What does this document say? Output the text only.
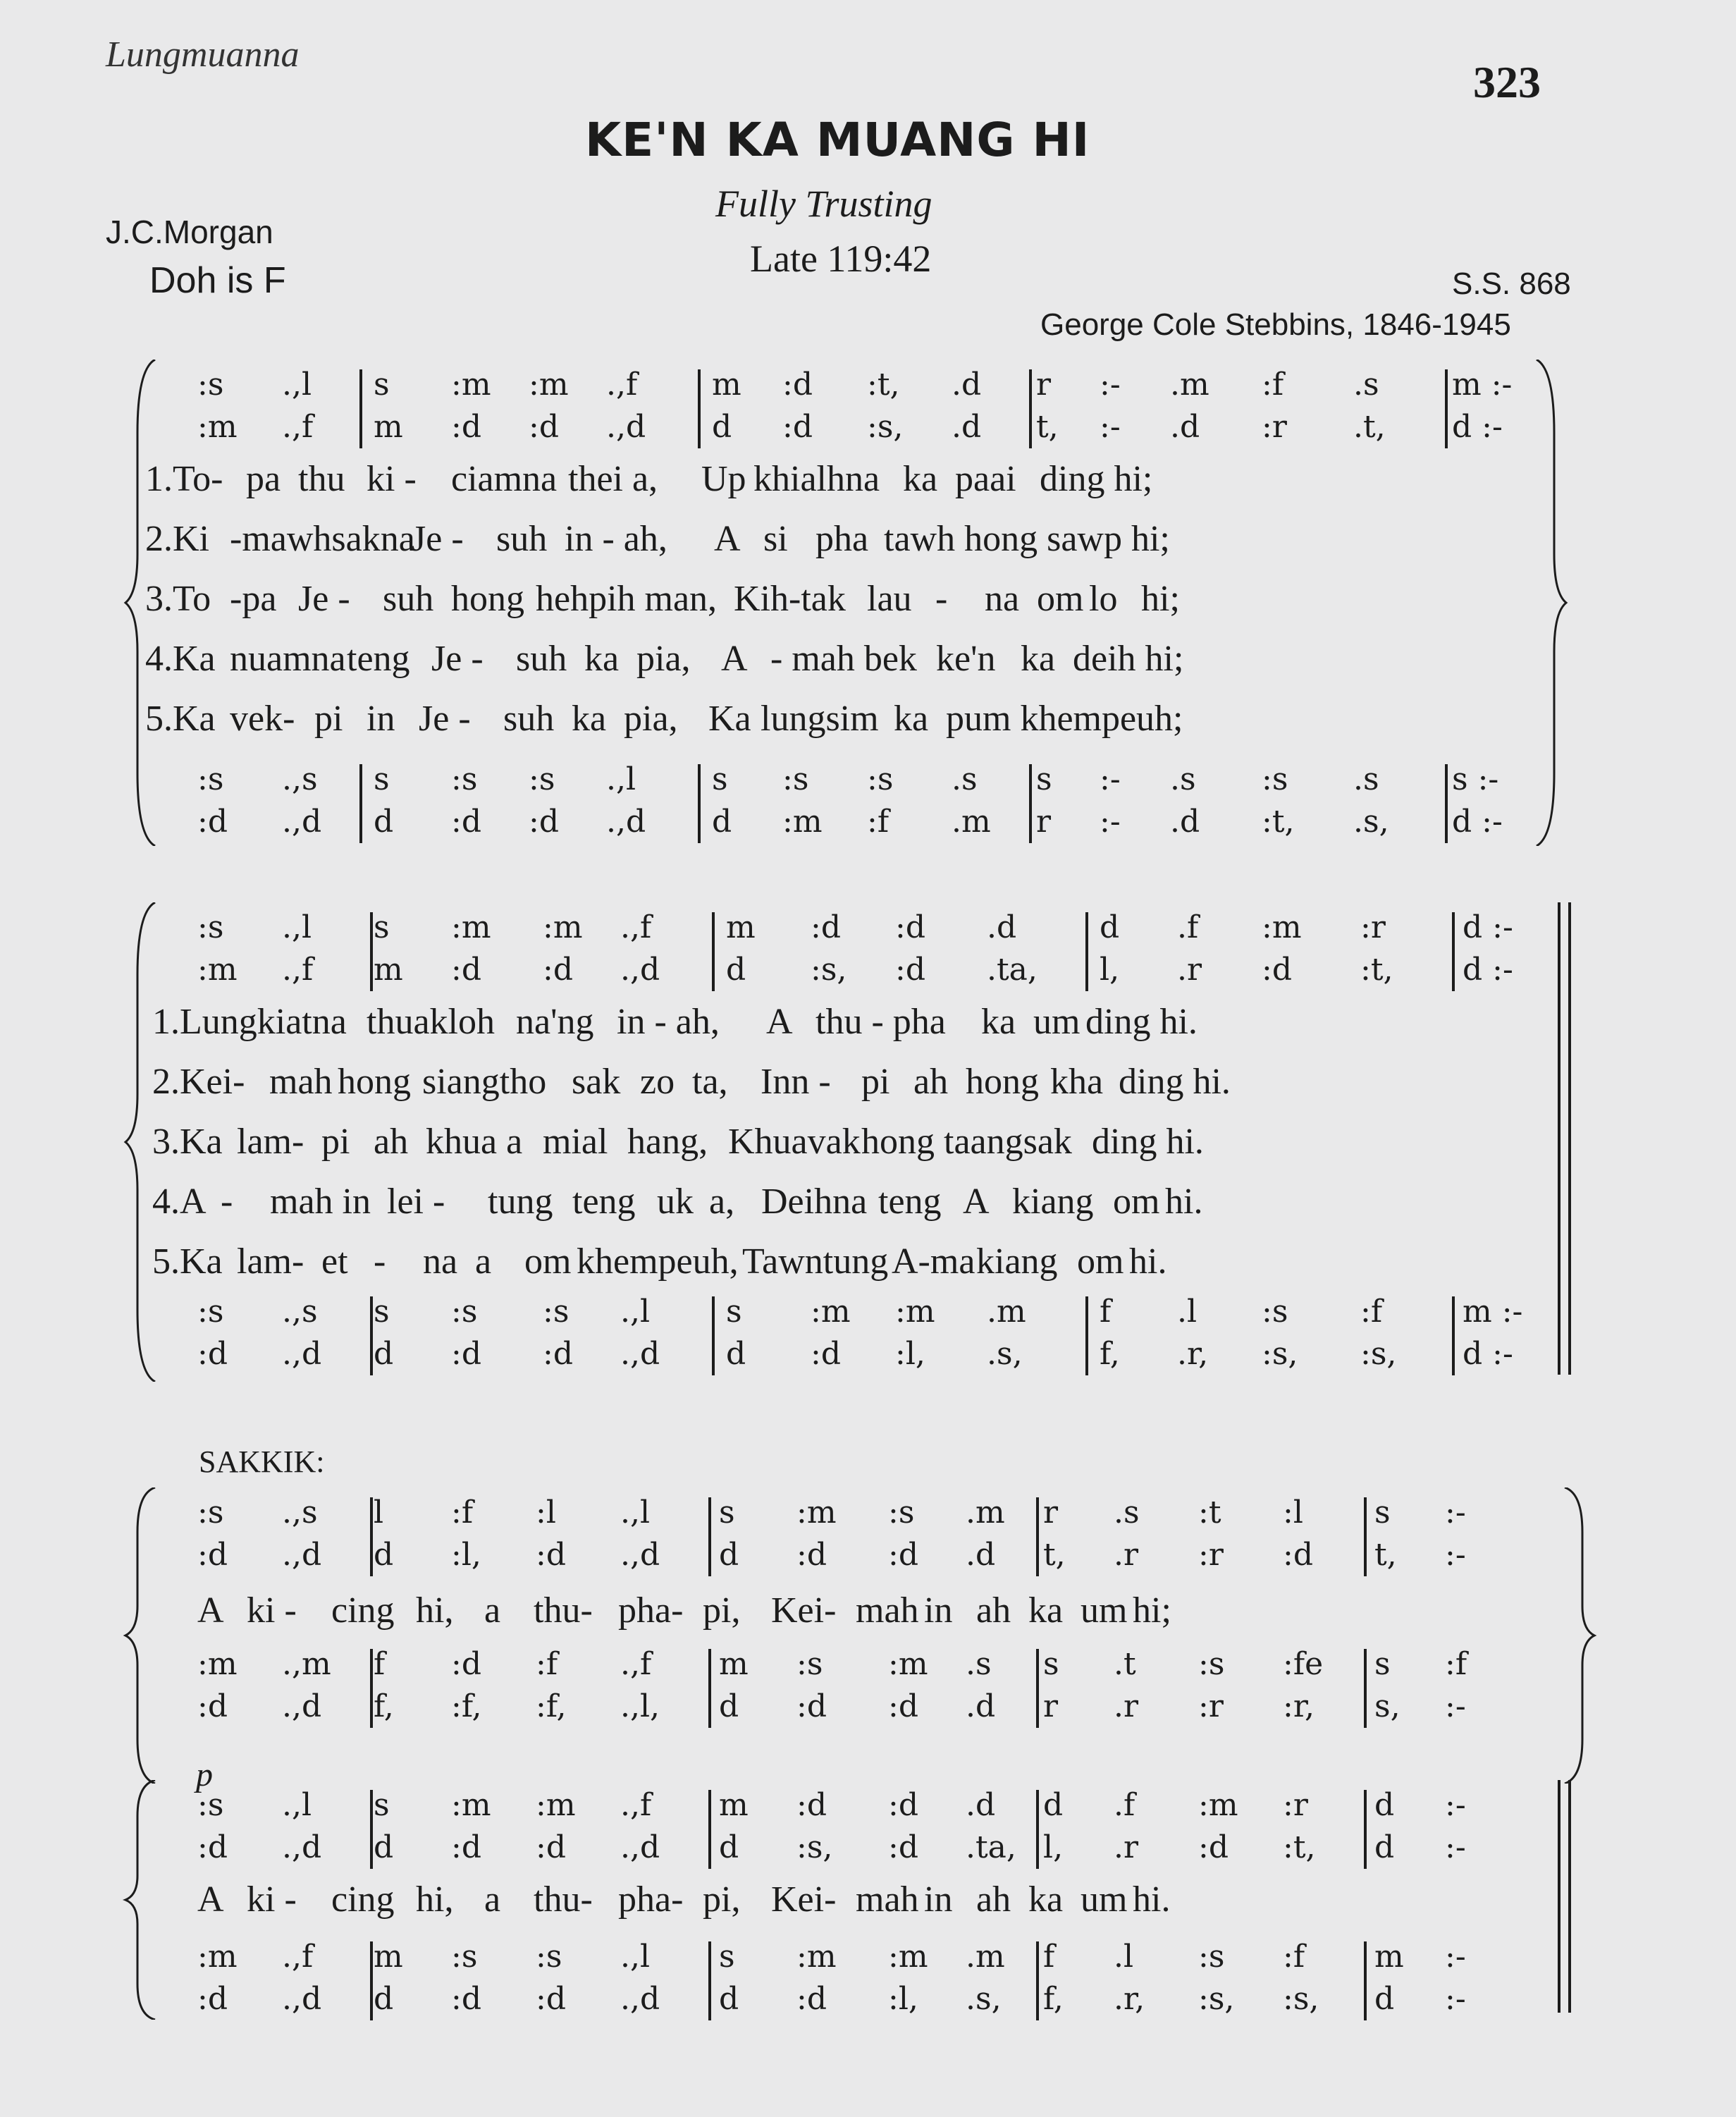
Lungmuanna
323
KE'N KA MUANG HI
Fully Trusting
Late 119:42
J.C.Morgan
Doh is F	S.S. 868
George Cole Stebbins, 1846-1945
SAKKIK:
p
:s .,l s :m :m .,f m :d :t, .d r :- .m :f .s m :-
:m .,f m :d :d .,d d :d :s, .d t, :- .d :r .t, d :-
1.To- pa thu ki - ciamna thei a, Up khialhna ka paai ding hi;
2.Ki -mawhsakna
Je - suh in - ah, A si pha tawh hong sawp hi;
3.To -pa Je - suh hong hehpih man, Kih-tak lau - na om lo hi;
4.Ka nuamna teng Je - suh ka pia, A - mah bek ke'n ka deih hi;
5.Ka vek- pi in Je - suh ka pia, Ka lungsim ka pum khempeuh;
:s .,s s :s :s .,l s :s :s .s s :- .s :s .s s :-
:d .,d d :d :d .,d d :m :f .m r :- .d :t, .s, d :-
:s .,l s :m :m .,f m :d :d .d	d .f :m :r d :-
:m .,f m :d :d .,d d :s, :d .ta, l, .r :d :t, d :-
1.Lungkiatna thuakloh na'ng in - ah, A thu - pha ka um ding hi.
2.Kei- mah hong siangtho sak zo ta, Inn - pi ah hong kha ding hi.
3.Ka lam- pi ah khua a mial hang, Khuavak hong taangsak ding hi.
4.A - mah in lei - tung teng uk a, Deihna teng A kiang om hi.
5.Ka lam- et - na a om khempeuh, Tawntung A-ma kiang om hi.
:s .,s s :s :s .,l s :m :m .m f .l :s :f	m :-
:d .,d d :d :d .,d d :d :l, .s, f, .r, :s, :s, d :-
:s .,s l :f :l .,l s :m :s .m r .s :t :l s :-
:d .,d d :l, :d .,d d :d :d .d t, .r :r :d t, :-
A ki - cing hi, a thu- pha- pi, Kei- mah in ah ka um hi;
:m .,m f :d :f .,f m :s :m .s s .t :s :fe s :f
:d .,d f, :f, :f, .,l, d :d :d .d r .r :r :r, s, :-
:s .,l s :m :m .,f m :d :d .d d .f :m :r d :-
:d .,d d :d :d .,d d :s, :d .ta, l, .r :d :t, d :-
A ki - cing hi, a thu- pha- pi, Kei- mah in ah ka um hi.
:m .,f m :s :s .,l s :m :m .m f .l :s :f m :-
:d .,d d :d :d .,d d :d :l, .s, f, .r, :s, :s, d :-
